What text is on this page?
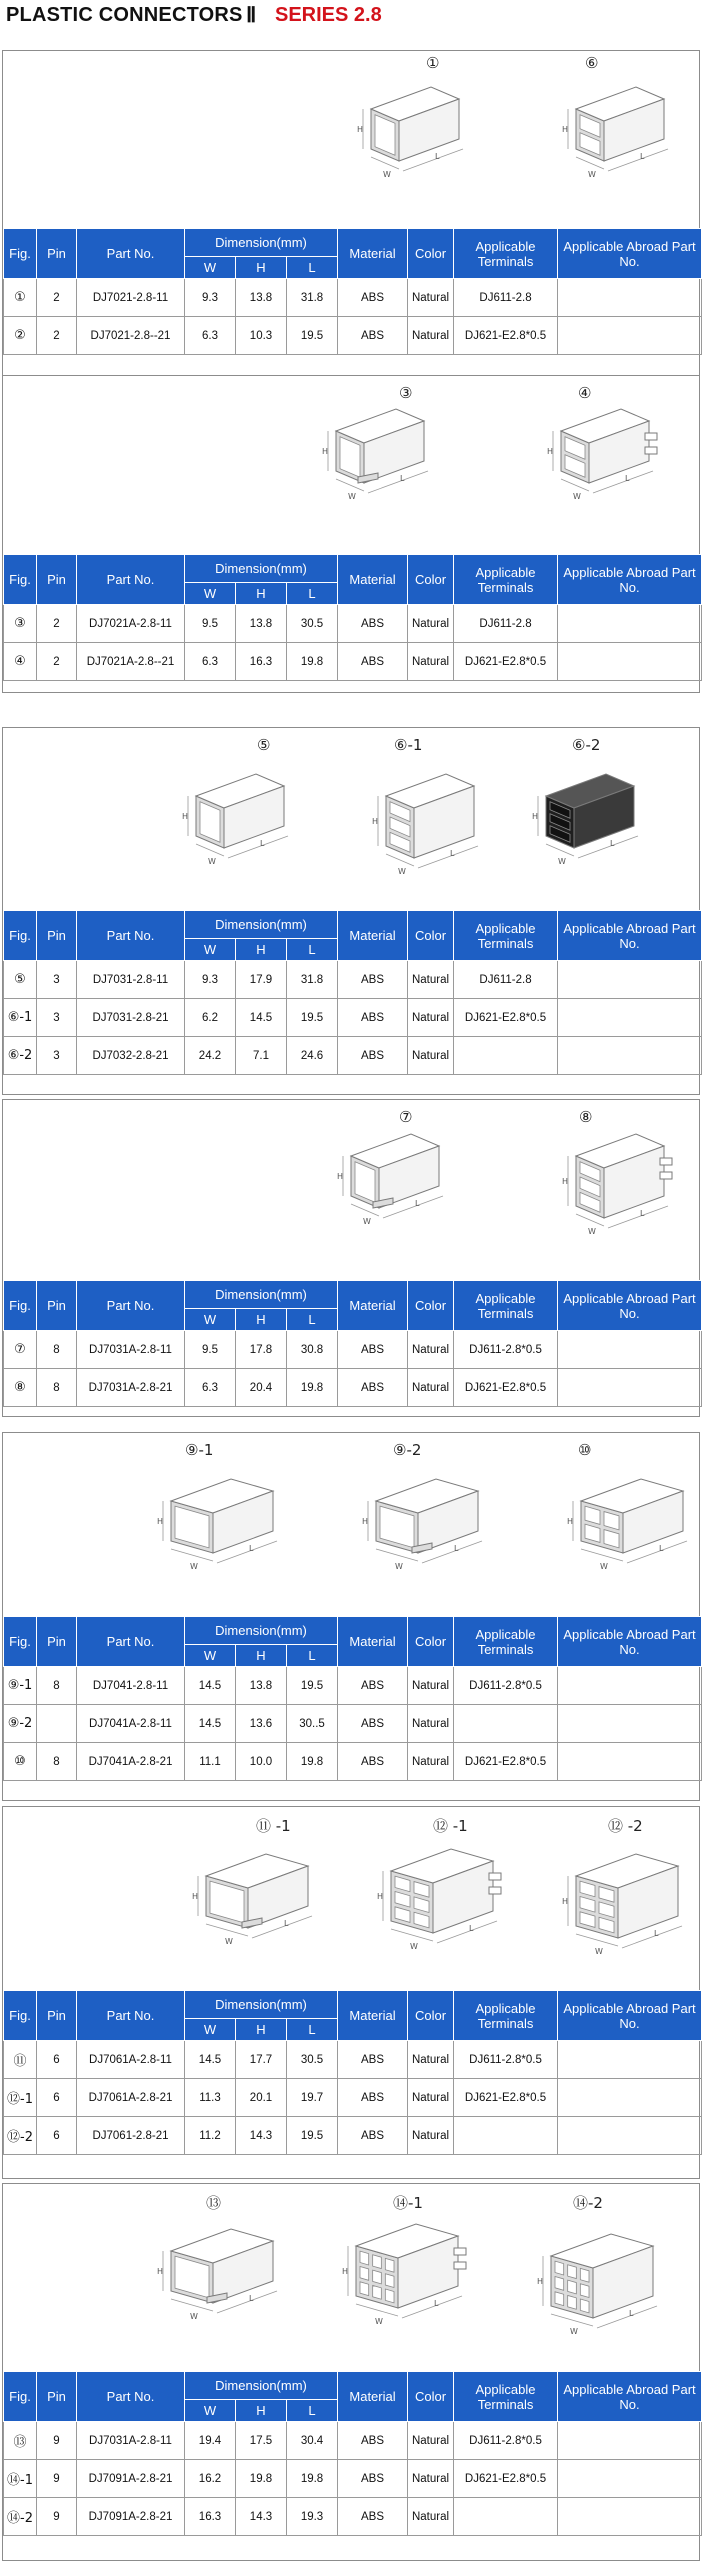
PLASTIC CONNECTORS Ⅱ SERIES 2.8
①	⑥
H
W
L
H
W
L
Fig.	Pin	Part No.	Dimension(mm)			Material	Color	Applicable Terminals	Applicable Abroad Part No.
			W	H	L				
①	2	DJ7021-2.8-11	9.3	13.8	31.8	ABS	Natural	DJ611-2.8	
②	2	DJ7021-2.8--21	6.3	10.3	19.5	ABS	Natural	DJ621-E2.8*0.5	
③	④
H
W
L
H
W
L
Fig.	Pin	Part No.	Dimension(mm)			Material	Color	Applicable Terminals	Applicable Abroad Part No.
			W	H	L				
③	2	DJ7021A-2.8-11	9.5	13.8	30.5	ABS	Natural	DJ611-2.8	
④	2	DJ7021A-2.8--21	6.3	16.3	19.8	ABS	Natural	DJ621-E2.8*0.5	
⑤	⑥-1	⑥-2
H
W
L
H
W
L
H
W
L
Fig.	Pin	Part No.	Dimension(mm)			Material	Color	Applicable Terminals	Applicable Abroad Part No.
			W	H	L				
⑤	3	DJ7031-2.8-11	9.3	17.9	31.8	ABS	Natural	DJ611-2.8	
⑥-1	3	DJ7031-2.8-21	6.2	14.5	19.5	ABS	Natural	DJ621-E2.8*0.5	
⑥-2	3	DJ7032-2.8-21	24.2	7.1	24.6	ABS	Natural		
⑦	⑧
H
W
L
H
W
L
Fig.	Pin	Part No.	Dimension(mm)			Material	Color	Applicable Terminals	Applicable Abroad Part No.
			W	H	L				
⑦	8	DJ7031A-2.8-11	9.5	17.8	30.8	ABS	Natural	DJ611-2.8*0.5	
⑧	8	DJ7031A-2.8-21	6.3	20.4	19.8	ABS	Natural	DJ621-E2.8*0.5	
⑨-1	⑨-2	⑩
H
W
L
H
W
L
H
W
L
Fig.	Pin	Part No.	Dimension(mm)			Material	Color	Applicable Terminals	Applicable Abroad Part No.
			W	H	L				
⑨-1	8	DJ7041-2.8-11	14.5	13.8	19.5	ABS	Natural	DJ611-2.8*0.5	
⑨-2		DJ7041A-2.8-11	14.5	13.6	30..5	ABS	Natural		
⑩	8	DJ7041A-2.8-21	11.1	10.0	19.8	ABS	Natural	DJ621-E2.8*0.5	
⑪ -1	⑫ -1	⑫ -2
H
W
L
H
W
L
H
W
L
Fig.	Pin	Part No.	Dimension(mm)			Material	Color	Applicable Terminals	Applicable Abroad Part No.
			W	H	L				
⑪	6	DJ7061A-2.8-11	14.5	17.7	30.5	ABS	Natural	DJ611-2.8*0.5	
⑫-1	6	DJ7061A-2.8-21	11.3	20.1	19.7	ABS	Natural	DJ621-E2.8*0.5	
⑫-2	6	DJ7061-2.8-21	11.2	14.3	19.5	ABS	Natural		
⑬	⑭-1	⑭-2
H
W
L
H
W
L
H
W
L
Fig.	Pin	Part No.	Dimension(mm)			Material	Color	Applicable Terminals	Applicable Abroad Part No.
			W	H	L				
⑬	9	DJ7031A-2.8-11	19.4	17.5	30.4	ABS	Natural	DJ611-2.8*0.5	
⑭-1	9	DJ7091A-2.8-21	16.2	19.8	19.8	ABS	Natural	DJ621-E2.8*0.5	
⑭-2	9	DJ7091A-2.8-21	16.3	14.3	19.3	ABS	Natural		
